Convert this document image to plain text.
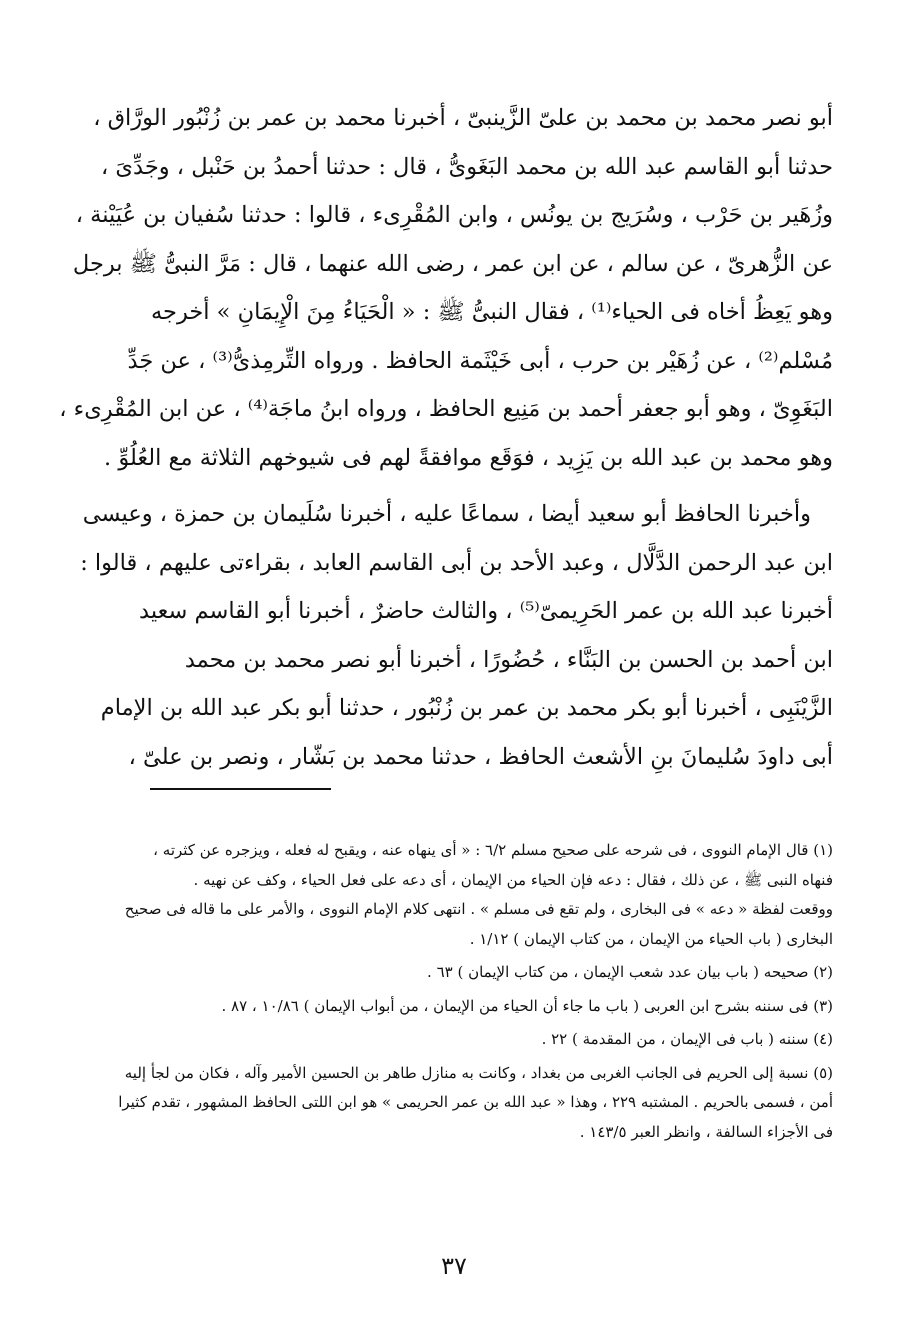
أبو نصر محمد بن محمد بن علىّ الزَّينبىّ ، أخبرنا محمد بن عمر بن زُنْبُور الورَّاق ،
حدثنا أبو القاسم عبد الله بن محمد البَغَوىُّ ، قال : حدثنا أحمدُ بن حَنْبل ، وجَدِّىَ ،
وزُهَير بن حَرْب ، وسُرَيج بن يونُس ، وابن المُقْرِىء ، قالوا : حدثنا سُفيان بن عُيَيْنة ،
عن الزُّهرىّ ، عن سالم ، عن ابن عمر ، رضى الله عنهما ، قال : مَرَّ النبىُّ ﷺ برجل
وهو يَعِظُ أخاه فى الحياء⁽¹⁾ ، فقال النبىُّ ﷺ : « الْحَيَاءُ مِنَ الْإِيمَانِ » أخرجه
مُسْلم⁽²⁾ ، عن زُهَيْر بن حرب ، أبى خَيْثَمة الحافظ . ورواه التِّرمِذىُّ⁽³⁾ ، عن جَدِّ
البَغَوِىّ ، وهو أبو جعفر أحمد بن مَنِيع الحافظ ، ورواه ابنُ ماجَة⁽⁴⁾ ، عن ابن المُقْرِىء ،
وهو محمد بن عبد الله بن يَزِيد ، فوَقَع موافقةً لهم فى شيوخهم الثلاثة مع العُلُوِّ .
وأخبرنا الحافظ أبو سعيد أيضا ، سماعًا عليه ، أخبرنا سُلَيمان بن حمزة ، وعيسى
ابن عبد الرحمن الدَّلَّال ، وعبد الأحد بن أبى القاسم العابد ، بقراءتى عليهم ، قالوا :
أخبرنا عبد الله بن عمر الحَرِيمىّ⁽⁵⁾ ، والثالث حاضرٌ ، أخبرنا أبو القاسم سعيد
ابن أحمد بن الحسن بن البَنَّاء ، حُضُورًا ، أخبرنا أبو نصر محمد بن محمد
الزَّيْنَبِى ، أخبرنا أبو بكر محمد بن عمر بن زُنْبُور ، حدثنا أبو بكر عبد الله بن الإمام
أبى داودَ سُليمانَ بنِ الأشعث الحافظ ، حدثنا محمد بن بَشّار ، ونصر بن علىّ ،
(١) قال الإمام النووى ، فى شرحه على صحيح مسلم ٦/٢ : « أى ينهاه عنه ، ويقبح له فعله ، ويزجره عن كثرته ،
فنهاه النبى ﷺ ، عن ذلك ، فقال : دعه فإن الحياء من الإيمان ، أى دعه على فعل الحياء ، وكف عن نهيه .
ووقعت لفظة « دعه » فى البخارى ، ولم تقع فى مسلم » . انتهى كلام الإمام النووى ، والأمر على ما قاله فى صحيح
البخارى ( باب الحياء من الإيمان ، من كتاب الإيمان ) ١/١٢ .
(٢) صحيحه ( باب بيان عدد شعب الإيمان ، من كتاب الإيمان ) ٦٣ .
(٣) فى سننه بشرح ابن العربى ( باب ما جاء أن الحياء من الإيمان ، من أبواب الإيمان ) ١٠/٨٦ ، ٨٧ .
(٤) سننه ( باب فى الإيمان ، من المقدمة ) ٢٢ .
(٥) نسبة إلى الحريم فى الجانب الغربى من بغداد ، وكانت به منازل طاهر بن الحسين الأمير وآله ، فكان من لجأ إليه
أمن ، فسمى بالحريم . المشتبه ٢٢٩ ، وهذا « عبد الله بن عمر الحريمى » هو ابن اللتى الحافظ المشهور ، تقدم كثيرا
فى الأجزاء السالفة ، وانظر العبر ١٤٣/٥ .
٣٧
